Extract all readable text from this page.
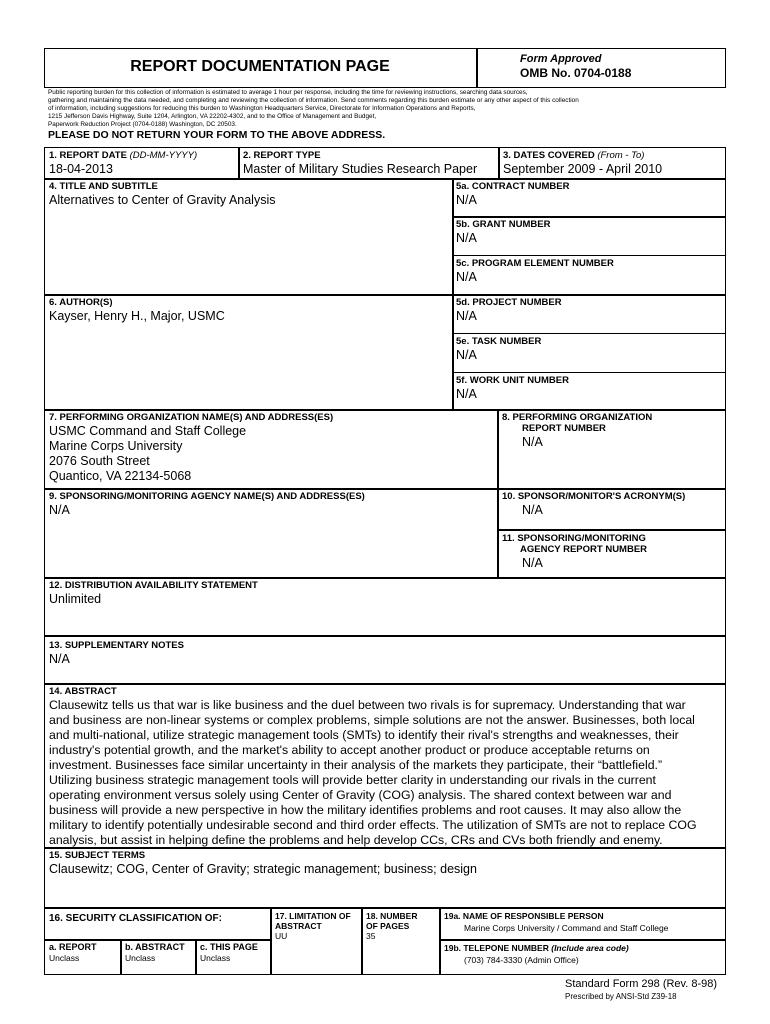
REPORT DOCUMENTATION PAGE	Form Approved
OMB No. 0704-0188
Public reporting burden for this collection of information is estimated to average 1 hour per response, including the time for reviewing instructions, searching data sources,
gathering and maintaining the data needed, and completing and reviewing the collection of information. Send comments regarding this burden estimate or any other aspect of this collection
of information, including suggestions for reducing this burden to Washington Headquarters Service, Directorate for Information Operations and Reports,
1215 Jefferson Davis Highway, Suite 1204, Arlington, VA 22202-4302, and to the Office of Management and Budget,
Paperwork Reduction Project (0704-0188) Washington, DC 20503.
PLEASE DO NOT RETURN YOUR FORM TO THE ABOVE ADDRESS.
1. REPORT DATE (DD-MM-YYYY)
18-04-2013
2. REPORT TYPE
Master of Military Studies Research Paper
3. DATES COVERED (From - To)
September 2009 - April 2010
4. TITLE AND SUBTITLE
Alternatives to Center of Gravity Analysis
5a. CONTRACT NUMBER
N/A
5b. GRANT NUMBER
N/A
5c. PROGRAM ELEMENT NUMBER
N/A
6. AUTHOR(S)
Kayser, Henry H., Major, USMC
5d. PROJECT NUMBER
N/A
5e. TASK NUMBER
N/A
5f. WORK UNIT NUMBER
N/A
7. PERFORMING ORGANIZATION NAME(S) AND ADDRESS(ES)
USMC Command and Staff College
Marine Corps University
2076 South Street
Quantico, VA 22134-5068
8. PERFORMING ORGANIZATION
REPORT NUMBER
N/A
9. SPONSORING/MONITORING AGENCY NAME(S) AND ADDRESS(ES)
N/A
10. SPONSOR/MONITOR'S ACRONYM(S)
N/A
11. SPONSORING/MONITORING
AGENCY REPORT NUMBER
N/A
12. DISTRIBUTION AVAILABILITY STATEMENT
Unlimited
13. SUPPLEMENTARY NOTES
N/A
14. ABSTRACT
Clausewitz tells us that war is like business and the duel between two rivals is for supremacy. Understanding that war
and business are non-linear systems or complex problems, simple solutions are not the answer. Businesses, both local
and multi-national, utilize strategic management tools (SMTs) to identify their rival's strengths and weaknesses, their
industry's potential growth, and the market's ability to accept another product or produce acceptable returns on
investment. Businesses face similar uncertainty in their analysis of the markets they participate, their “battlefield.”
Utilizing business strategic management tools will provide better clarity in understanding our rivals in the current
operating environment versus solely using Center of Gravity (COG) analysis. The shared context between war and
business will provide a new perspective in how the military identifies problems and root causes. It may also allow the
military to identify potentially undesirable second and third order effects. The utilization of SMTs are not to replace COG
analysis, but assist in helping define the problems and help develop CCs, CRs and CVs both friendly and enemy.
15. SUBJECT TERMS
Clausewitz; COG, Center of Gravity; strategic management; business; design
16. SECURITY CLASSIFICATION OF:
a. REPORT
Unclass
b. ABSTRACT
Unclass
c. THIS PAGE
Unclass
17. LIMITATION OF
ABSTRACT
UU
18. NUMBER
OF PAGES
35
19a. NAME OF RESPONSIBLE PERSON
Marine Corps University / Command and Staff College
19b. TELEPONE NUMBER (Include area code)
(703) 784-3330 (Admin Office)
Standard Form 298 (Rev. 8-98)
Prescribed by ANSI-Std Z39-18
